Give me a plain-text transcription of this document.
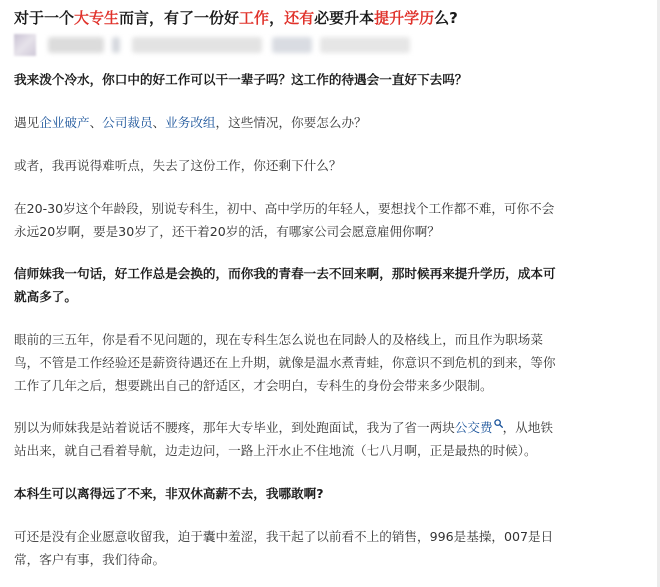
对于一个大专生而言，有了一份好工作，还有必要升本提升学历么?

我来泼个冷水，你口中的好工作可以干一辈子吗？这工作的待遇会一直好下去吗？

遇见企业破产、公司裁员、业务改组，这些情况，你要怎么办？

或者，我再说得难听点，失去了这份工作，你还剩下什么？

在20-30岁这个年龄段，别说专科生，初中、高中学历的年轻人，要想找个工作都不难，可你不会
永远20岁啊，要是30岁了，还干着20岁的活，有哪家公司会愿意雇佣你啊？
信师妹我一句话，好工作总是会换的，而你我的青春一去不回来啊，那时候再来提升学历，成本可
就高多了。
眼前的三五年，你是看不见问题的，现在专科生怎么说也在同龄人的及格线上，而且作为职场菜
鸟，不管是工作经验还是薪资待遇还在上升期，就像是温水煮青蛙，你意识不到危机的到来，等你
工作了几年之后，想要跳出自己的舒适区，才会明白，专科生的身份会带来多少限制。
别以为师妹我是站着说话不腰疼，那年大专毕业，到处跑面试，我为了省一两块公交费 ，从地铁
站出来，就自己看着导航，边走边问，一路上汗水止不住地流（七八月啊，正是最热的时候）。

本科生可以离得远了不来，非双休高薪不去，我哪敢啊?

可还是没有企业愿意收留我，迫于囊中羞涩，我干起了以前看不上的销售，996是基操，007是日
常，客户有事，我们待命。
